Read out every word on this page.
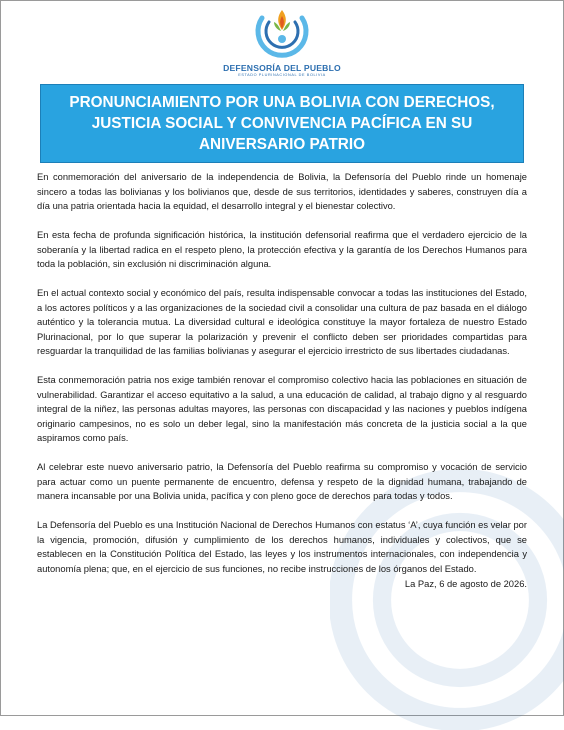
DEFENSORÍA DEL PUEBLO
ESTADO PLURINACIONAL DE BOLIVIA
PRONUNCIAMIENTO POR UNA BOLIVIA CON DERECHOS, JUSTICIA SOCIAL Y CONVIVENCIA PACÍFICA EN SU ANIVERSARIO PATRIO

En conmemoración del aniversario de la independencia de Bolivia, la Defensoría del Pueblo rinde un homenaje sincero a todas las bolivianas y los bolivianos que, desde de sus territorios, identidades y saberes, construyen día a día una patria orientada hacia la equidad, el desarrollo integral y el bienestar colectivo.

En esta fecha de profunda significación histórica, la institución defensorial reafirma que el verdadero ejercicio de la soberanía y la libertad radica en el respeto pleno, la protección efectiva y la garantía de los Derechos Humanos para toda la población, sin exclusión ni discriminación alguna.

En el actual contexto social y económico del país, resulta indispensable convocar a todas las instituciones del Estado, a los actores políticos y a las organizaciones de la sociedad civil a consolidar una cultura de paz basada en el diálogo auténtico y la tolerancia mutua. La diversidad cultural e ideológica constituye la mayor fortaleza de nuestro Estado Plurinacional, por lo que superar la polarización y prevenir el conflicto deben ser prioridades compartidas para resguardar la tranquilidad de las familias bolivianas y asegurar el ejercicio irrestricto de sus libertades ciudadanas.

Esta conmemoración patria nos exige también renovar el compromiso colectivo hacia las poblaciones en situación de vulnerabilidad. Garantizar el acceso equitativo a la salud, a una educación de calidad, al trabajo digno y al resguardo integral de la niñez, las personas adultas mayores, las personas con discapacidad y las naciones y pueblos indígena originario campesinos, no es solo un deber legal, sino la manifestación más concreta de la justicia social a la que aspiramos como país.

Al celebrar este nuevo aniversario patrio, la Defensoría del Pueblo reafirma su compromiso y vocación de servicio para actuar como un puente permanente de encuentro, defensa y respeto de la dignidad humana, trabajando de manera incansable por una Bolivia unida, pacífica y con pleno goce de derechos para todas y todos.

La Defensoría del Pueblo es una Institución Nacional de Derechos Humanos con estatus ‘A’, cuya función es velar por la vigencia, promoción, difusión y cumplimiento de los derechos humanos, individuales y colectivos, que se establecen en la Constitución Política del Estado, las leyes y los instrumentos internacionales, con independencia y autonomía plena; que, en el ejercicio de sus funciones, no recibe instrucciones de los órganos del Estado.

La Paz, 6 de agosto de 2026.
